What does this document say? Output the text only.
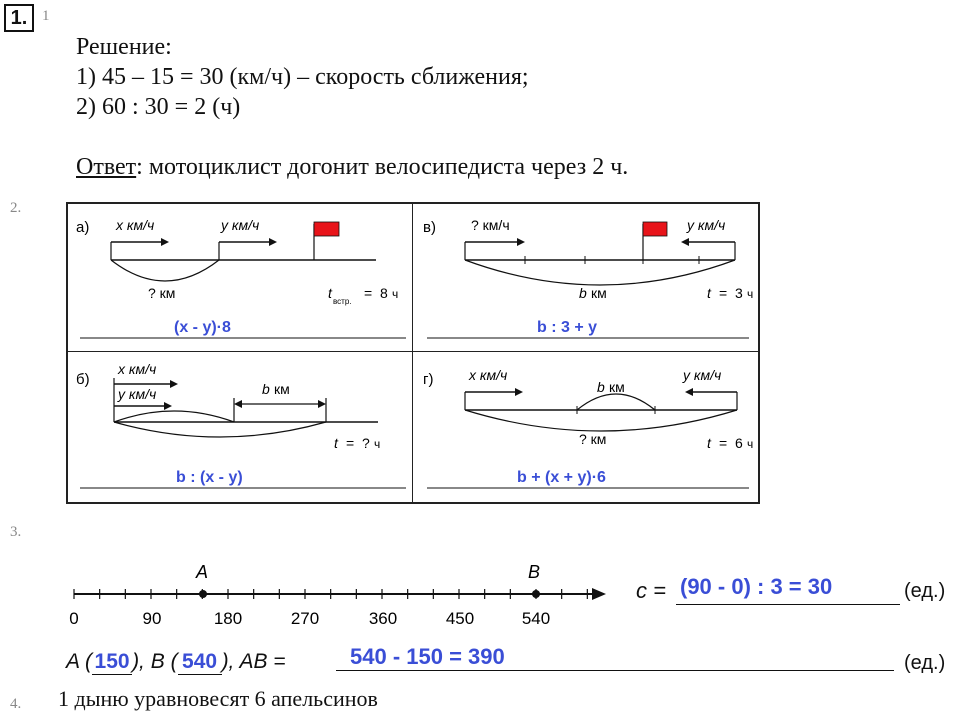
1. 1
Решение:
1) 45 – 15 = 30 (км/ч) – скорость сближения;
2) 60 : 30 = 2 (ч)
Ответ: мотоциклист догонит велосипедиста через 2 ч.
2.
а) x км/ч	y км/ч
? км	t
встр.
= 8 ч
(x - y)·8
в)	? км/ч	y км/ч
b км	t = 3 ч
b : 3 + y
б)
x км/ч
y км/ч	b км
t = ? ч
b : (x - y)
г)	x км/ч	y км/ч
b км
? км	t = 6 ч
b + (x + y)·6
3.
A	B
0	90	180	270	360	450	540
c = (90 - 0) : 3 = 30	(ед.)
A ( 150 ), B ( 540 ), AB =	540 - 150 = 390	(ед.)
4. 1 дыню уравновесят 6 апельсинов
